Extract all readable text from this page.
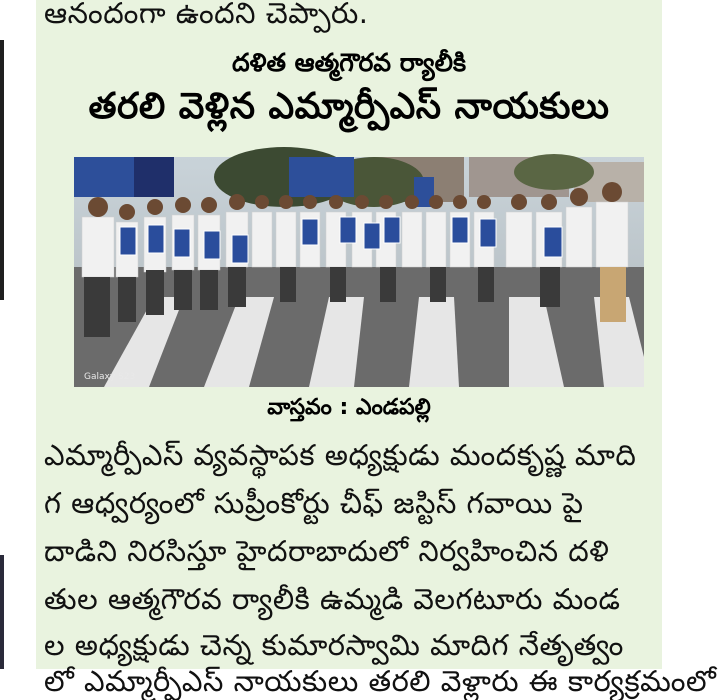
ఆనందంగా ఉందని చెప్పారు.
దళిత ఆత్మగౌరవ ర్యాలీకి
తరలి వెళ్లిన ఎమ్మార్పీఎస్ నాయకులు
Galaxy S23
వాస్తవం : ఎండపల్లి
ఎమ్మార్పీఎస్ వ్యవస్థాపక అధ్యక్షుడు మందకృష్ణ మాది
గ ఆధ్వర్యంలో సుప్రీంకోర్టు చీఫ్ జస్టిస్ గవాయి పై
దాడిని నిరసిస్తూ హైదరాబాదులో నిర్వహించిన దళి
తుల ఆత్మగౌరవ ర్యాలీకి ఉమ్మడి వెలగటూరు మండ
ల అధ్యక్షుడు చెన్న కుమారస్వామి మాదిగ నేతృత్వం
లో ఎమ్మార్పీఎస్ నాయకులు తరలి వెళ్లారు ఈ కార్యక్రమంలో
